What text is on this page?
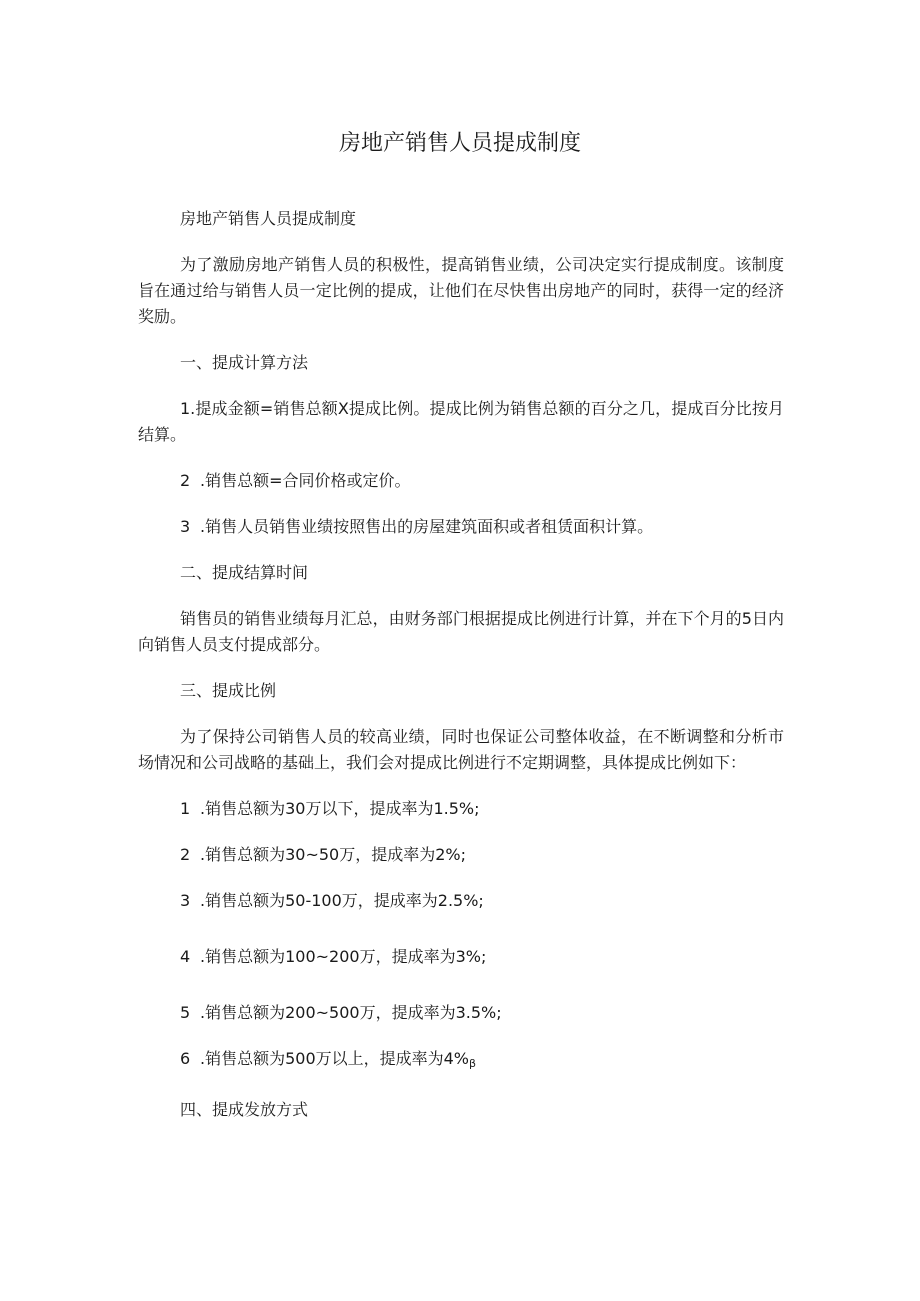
房地产销售人员提成制度

房地产销售人员提成制度

为了激励房地产销售人员的积极性，提高销售业绩，公司决定实行提成制度。该制度旨在通过给与销售人员一定比例的提成，让他们在尽快售出房地产的同时，获得一定的经济奖励。

一、提成计算方法

1.提成金额=销售总额X提成比例。提成比例为销售总额的百分之几，提成百分比按月结算。

2 .销售总额=合同价格或定价。

3 .销售人员销售业绩按照售出的房屋建筑面积或者租赁面积计算。

二、提成结算时间

销售员的销售业绩每月汇总，由财务部门根据提成比例进行计算，并在下个月的5日内向销售人员支付提成部分。

三、提成比例

为了保持公司销售人员的较高业绩，同时也保证公司整体收益，在不断调整和分析市场情况和公司战略的基础上，我们会对提成比例进行不定期调整，具体提成比例如下：

1 .销售总额为30万以下，提成率为1.5%;

2 .销售总额为30~50万，提成率为2%;

3 .销售总额为50-100万，提成率为2.5%;

4 .销售总额为100~200万，提成率为3%;

5 .销售总额为200~500万，提成率为3.5%;

6 .销售总额为500万以上，提成率为$4\%_\beta$

四、提成发放方式
